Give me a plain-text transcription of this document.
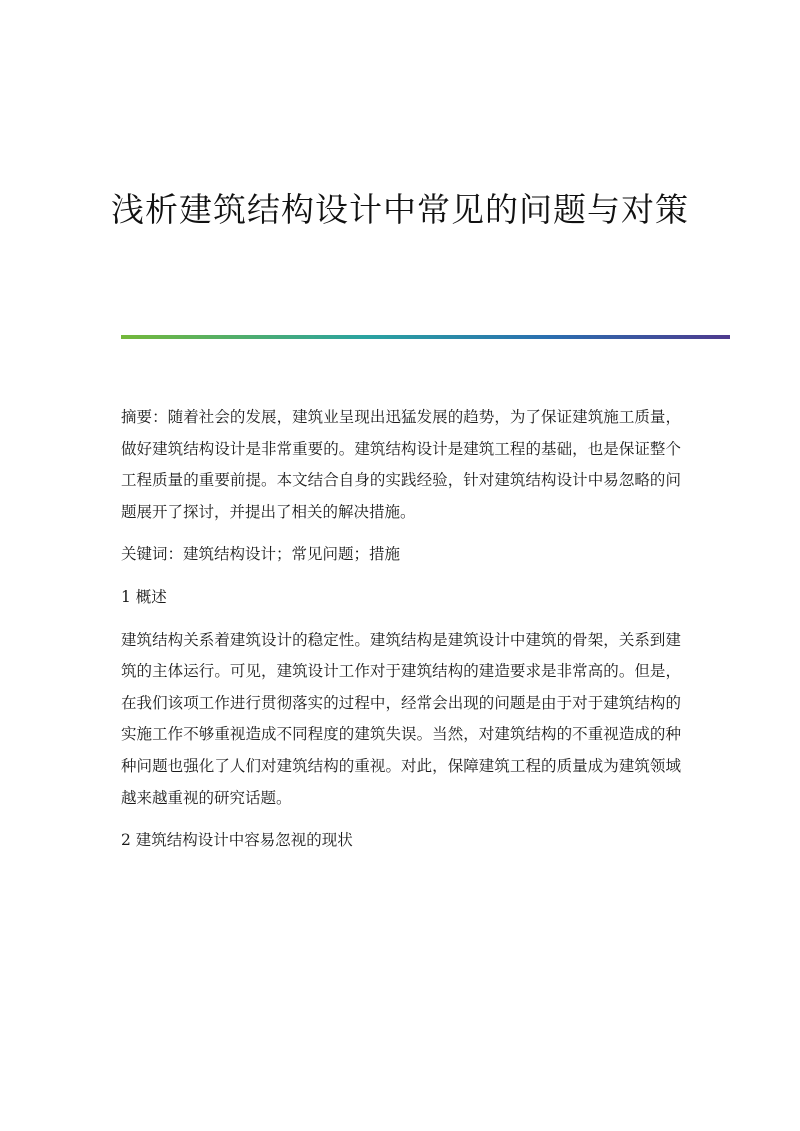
浅析建筑结构设计中常见的问题与对策

摘要：随着社会的发展，建筑业呈现出迅猛发展的趋势，为了保证建筑施工质量，做好建筑结构设计是非常重要的。建筑结构设计是建筑工程的基础，也是保证整个工程质量的重要前提。本文结合自身的实践经验，针对建筑结构设计中易忽略的问题展开了探讨，并提出了相关的解决措施。

关键词：建筑结构设计；常见问题；措施

1 概述

建筑结构关系着建筑设计的稳定性。建筑结构是建筑设计中建筑的骨架，关系到建筑的主体运行。可见，建筑设计工作对于建筑结构的建造要求是非常高的。但是，在我们该项工作进行贯彻落实的过程中，经常会出现的问题是由于对于建筑结构的实施工作不够重视造成不同程度的建筑失误。当然，对建筑结构的不重视造成的种种问题也强化了人们对建筑结构的重视。对此，保障建筑工程的质量成为建筑领域越来越重视的研究话题。

2 建筑结构设计中容易忽视的现状
